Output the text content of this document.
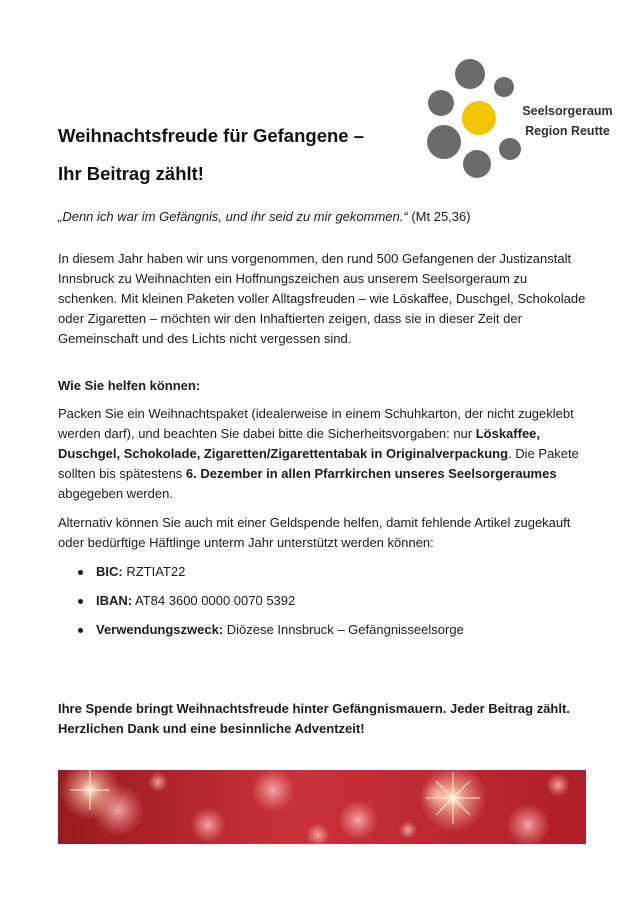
Weihnachtsfreude für Gefangene –
Ihr Beitrag zählt!
Seelsorgeraum
Region Reutte
„Denn ich war im Gefängnis, und ihr seid zu mir gekommen.“ (Mt 25,36)

In diesem Jahr haben wir uns vorgenommen, den rund 500 Gefangenen der Justizanstalt Innsbruck zu Weihnachten ein Hoffnungszeichen aus unserem Seelsorgeraum zu schenken. Mit kleinen Paketen voller Alltagsfreuden – wie Löskaffee, Duschgel, Schokolade oder Zigaretten – möchten wir den Inhaftierten zeigen, dass sie in dieser Zeit der Gemeinschaft und des Lichts nicht vergessen sind.

Wie Sie helfen können:

Packen Sie ein Weihnachtspaket (idealerweise in einem Schuhkarton, der nicht zugeklebt werden darf), und beachten Sie dabei bitte die Sicherheitsvorgaben: nur Löskaffee, Duschgel, Schokolade, Zigaretten/Zigarettentabak in Originalverpackung. Die Pakete sollten bis spätestens 6. Dezember in allen Pfarrkirchen unseres Seelsorgeraumes abgegeben werden.

Alternativ können Sie auch mit einer Geldspende helfen, damit fehlende Artikel zugekauft oder bedürftige Häftlinge unterm Jahr unterstützt werden können:

BIC: RZTIAT22
IBAN: AT84 3600 0000 0070 5392
Verwendungszweck: Diözese Innsbruck – Gefängnisseelsorge

Ihre Spende bringt Weihnachtsfreude hinter Gefängnismauern. Jeder Beitrag zählt. Herzlichen Dank und eine besinnliche Adventzeit!
